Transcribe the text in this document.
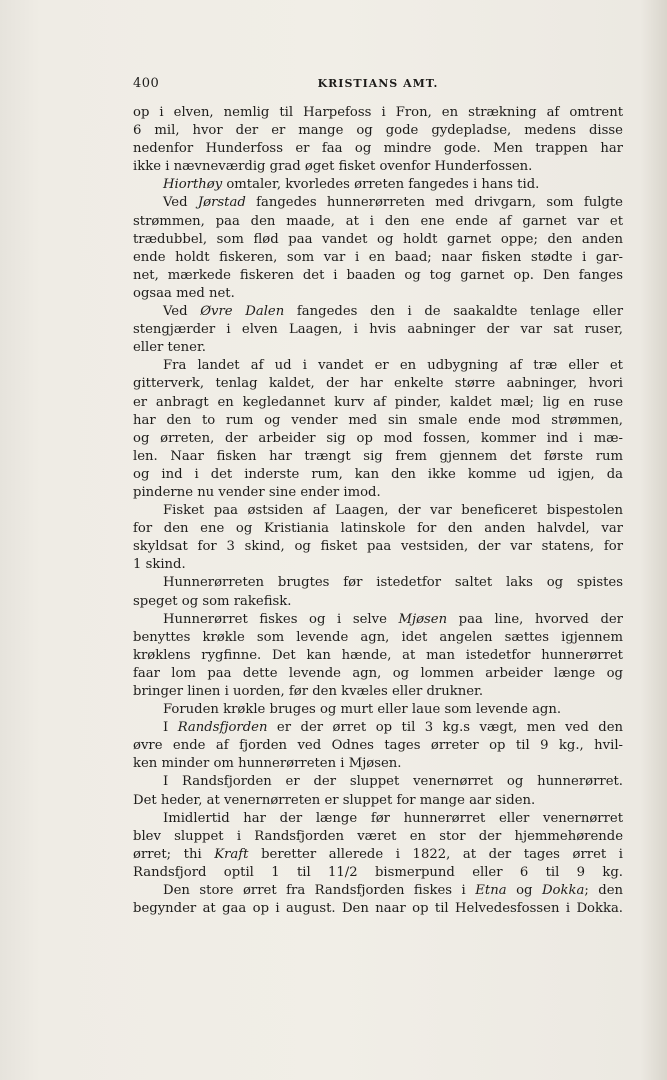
400	KRISTIANS AMT.
op i elven, nemlig til Harpefoss i Fron, en strækning af omtrent
6 mil, hvor der er mange og gode gydepladse, medens disse
nedenfor Hunderfoss er faa og mindre gode. Men trappen har
ikke i nævneværdig grad øget fisket ovenfor Hunderfossen.
Hiorthøy omtaler, kvorledes ørreten fangedes i hans tid.
Ved Jørstad fangedes hunnerørreten med drivgarn, som fulgte
strømmen, paa den maade, at i den ene ende af garnet var et
trædubbel, som flød paa vandet og holdt garnet oppe; den anden
ende holdt fiskeren, som var i en baad; naar fisken stødte i gar-
net, mærkede fiskeren det i baaden og tog garnet op. Den fanges
ogsaa med net.
Ved Øvre Dalen fangedes den i de saakaldte tenlage eller
stengjærder i elven Laagen, i hvis aabninger der var sat ruser,
eller tener.
Fra landet af ud i vandet er en udbygning af træ eller et
gitterverk, tenlag kaldet, der har enkelte større aabninger, hvori
er anbragt en kegledannet kurv af pinder, kaldet mæl; lig en ruse
har den to rum og vender med sin smale ende mod strømmen,
og ørreten, der arbeider sig op mod fossen, kommer ind i mæ-
len. Naar fisken har trængt sig frem gjennem det første rum
og ind i det inderste rum, kan den ikke komme ud igjen, da
pinderne nu vender sine ender imod.
Fisket paa østsiden af Laagen, der var beneficeret bispestolen
for den ene og Kristiania latinskole for den anden halvdel, var
skyldsat for 3 skind, og fisket paa vestsiden, der var statens, for
1 skind.
Hunnerørreten brugtes før istedetfor saltet laks og spistes
speget og som rakefisk.
Hunnerørret fiskes og i selve Mjøsen paa line, hvorved der
benyttes krøkle som levende agn, idet angelen sættes igjennem
krøklens rygfinne. Det kan hænde, at man istedetfor hunnerørret
faar lom paa dette levende agn, og lommen arbeider længe og
bringer linen i uorden, før den kvæles eller drukner.
Foruden krøkle bruges og murt eller laue som levende agn.
I Randsfjorden er der ørret op til 3 kg.s vægt, men ved den
øvre ende af fjorden ved Odnes tages ørreter op til 9 kg., hvil-
ken minder om hunnerørreten i Mjøsen.
I Randsfjorden er der sluppet venernørret og hunnerørret.
Det heder, at venernørreten er sluppet for mange aar siden.
Imidlertid har der længe før hunnerørret eller venernørret
blev sluppet i Randsfjorden været en stor der hjemmehørende
ørret; thi Kraft beretter allerede i 1822, at der tages ørret i
Randsfjord optil 1 til 11/2 bismerpund eller 6 til 9 kg.
Den store ørret fra Randsfjorden fiskes i Etna og Dokka; den
begynder at gaa op i august. Den naar op til Helvedesfossen i Dokka.
